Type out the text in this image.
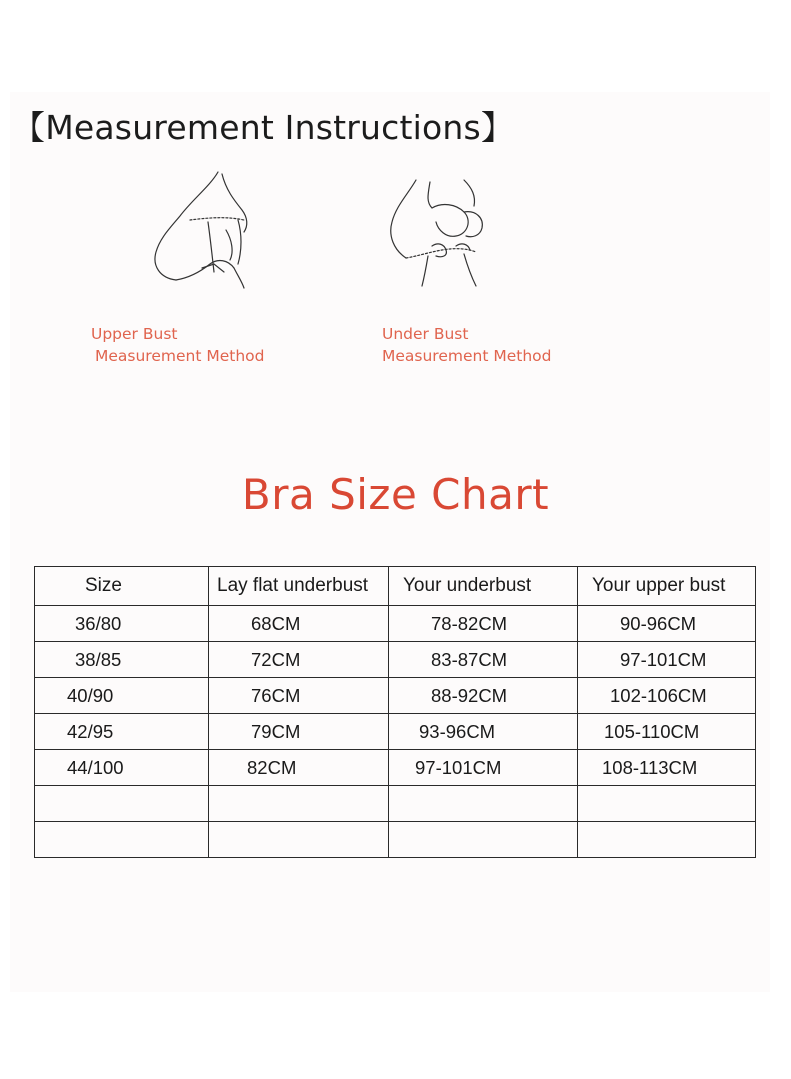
【Measurement Instructions】
Upper Bust
Measurement Method
Under Bust
Measurement Method
Bra Size Chart
Size	Lay flat underbust	Your underbust	Your upper bust
36/80	68CM	78-82CM	90-96CM
38/85	72CM	83-87CM	97-101CM
40/90	76CM	88-92CM	102-106CM
42/95	79CM	93-96CM	105-110CM
44/100	82CM	97-101CM	108-113CM
